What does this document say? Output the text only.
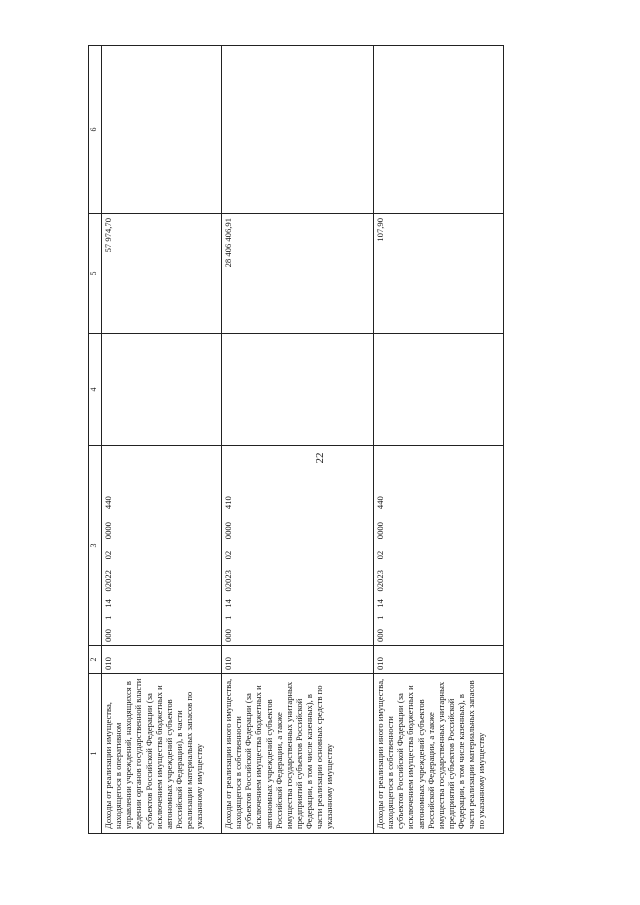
22
1	2	3	4	5	6
Доходы от реализации имущества, находящегося в оперативном управлении учреждений, находящихся в ведении органов государственной власти субъектов Российской Федерации (за исключением имущества бюджетных и автономных учреждений субъектов Российской Федерации), в части реализации материальных запасов по указанному имуществу	010	000 1 14 02022 02 0000 440		57 974,70	
Доходы от реализации иного имущества, находящегося в собственности субъектов Российской Федерации (за исключением имущества бюджетных и автономных учреждений субъектов Российской Федерации, а также имущества государственных унитарных предприятий субъектов Российской Федерации, в том числе казенных), в части реализации основных средств по указанному имуществу	010	000 1 14 02023 02 0000 410		28 406 406,91	
Доходы от реализации иного имущества, находящегося в собственности субъектов Российской Федерации (за исключением имущества бюджетных и автономных учреждений субъектов Российской Федерации, а также имущества государственных унитарных предприятий субъектов Российской Федерации, в том числе казенных), в части реализации материальных запасов по указанному имуществу	010	000 1 14 02023 02 0000 440		107,90	
